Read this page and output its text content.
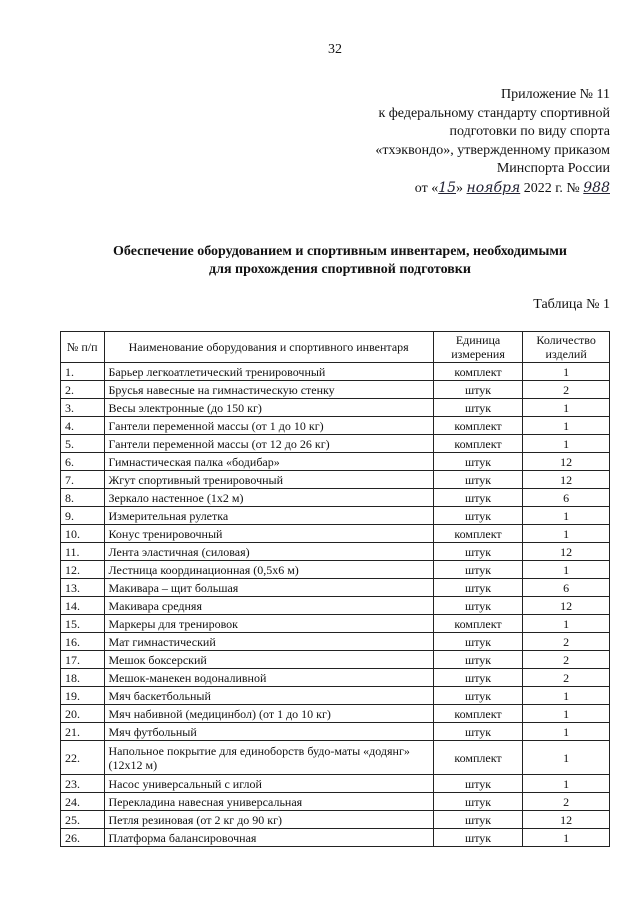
32
Приложение № 11
к федеральному стандарту спортивной
подготовки по виду спорта
«тхэквондо», утвержденному приказом
Минспорта России
от «15» ноября 2022 г. № 988
Обеспечение оборудованием и спортивным инвентарем, необходимыми
для прохождения спортивной подготовки
Таблица № 1
№ п/п	Наименование оборудования и спортивного инвентаря	Единица измерения	Количество изделий
1.	Барьер легкоатлетический тренировочный	комплект	1
2.	Брусья навесные на гимнастическую стенку	штук	2
3.	Весы электронные (до 150 кг)	штук	1
4.	Гантели переменной массы (от 1 до 10 кг)	комплект	1
5.	Гантели переменной массы (от 12 до 26 кг)	комплект	1
6.	Гимнастическая палка «бодибар»	штук	12
7.	Жгут спортивный тренировочный	штук	12
8.	Зеркало настенное (1х2 м)	штук	6
9.	Измерительная рулетка	штук	1
10.	Конус тренировочный	комплект	1
11.	Лента эластичная (силовая)	штук	12
12.	Лестница координационная (0,5х6 м)	штук	1
13.	Макивара – щит большая	штук	6
14.	Макивара средняя	штук	12
15.	Маркеры для тренировок	комплект	1
16.	Мат гимнастический	штук	2
17.	Мешок боксерский	штук	2
18.	Мешок-манекен водоналивной	штук	2
19.	Мяч баскетбольный	штук	1
20.	Мяч набивной (медицинбол) (от 1 до 10 кг)	комплект	1
21.	Мяч футбольный	штук	1
22.	Напольное покрытие для единоборств будо-маты «додянг» (12х12 м)	комплект	1
23.	Насос универсальный с иглой	штук	1
24.	Перекладина навесная универсальная	штук	2
25.	Петля резиновая (от 2 кг до 90 кг)	штук	12
26.	Платформа балансировочная	штук	1
